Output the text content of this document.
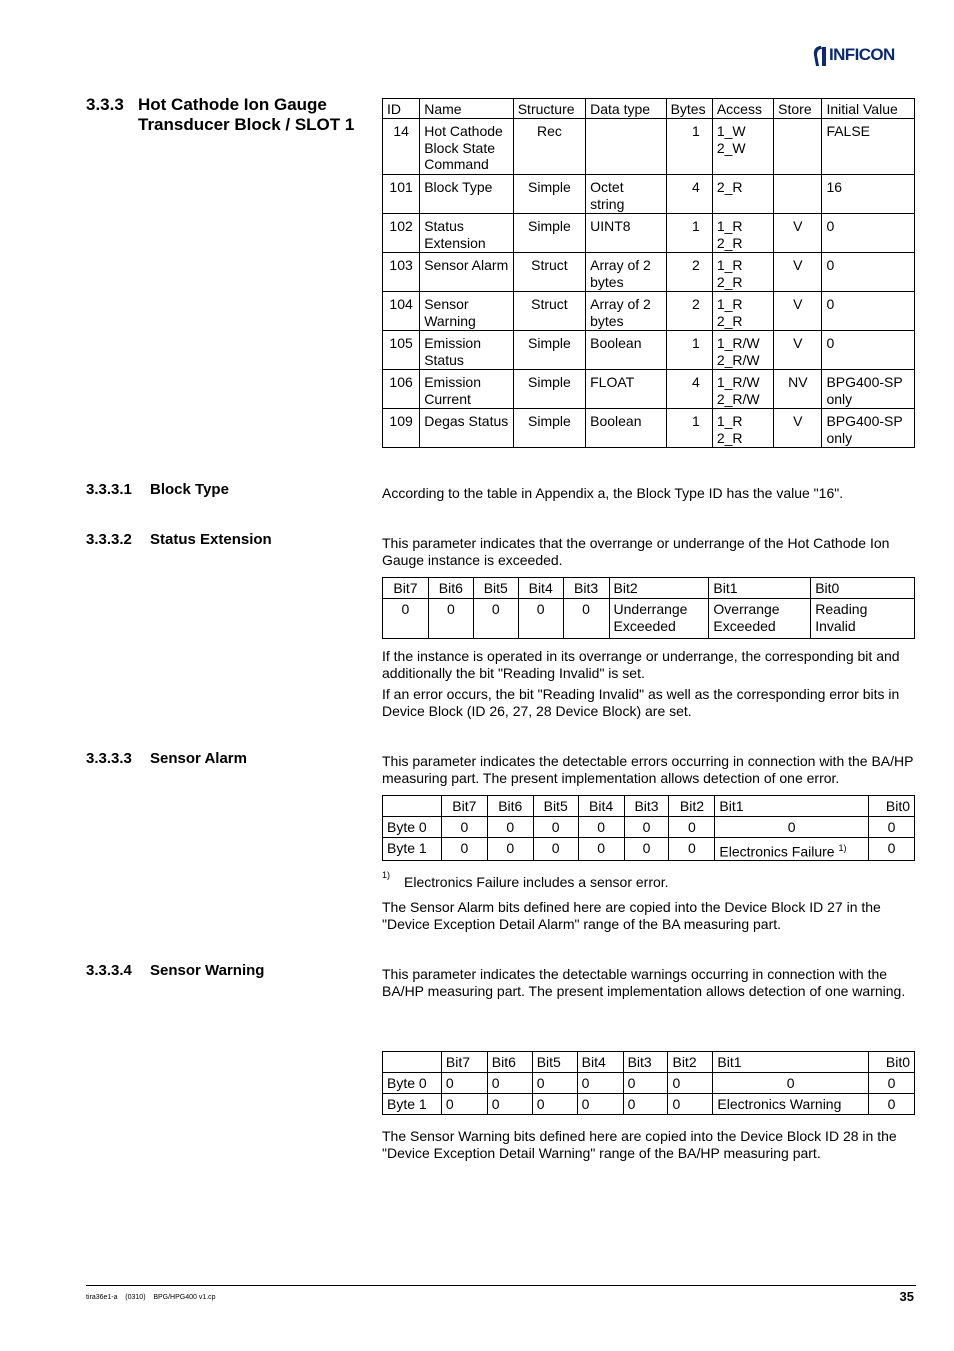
INFICON
3.3.3 Hot Cathode Ion Gauge Transducer Block / SLOT 1
ID	Name	Structure	Data type	Bytes	Access	Store	Initial Value
14	Hot Cathode Block State Command	Rec		1	1_W 2_W		FALSE
101	Block Type	Simple	Octet string	4	2_R		16
102	Status Extension	Simple	UINT8	1	1_R 2_R	V	0
103	Sensor Alarm	Struct	Array of 2 bytes	2	1_R 2_R	V	0
104	Sensor Warning	Struct	Array of 2 bytes	2	1_R 2_R	V	0
105	Emission Status	Simple	Boolean	1	1_R/W 2_R/W	V	0
106	Emission Current	Simple	FLOAT	4	1_R/W 2_R/W	NV	BPG400-SP only
109	Degas Status	Simple	Boolean	1	1_R 2_R	V	BPG400-SP only
3.3.3.1 Block Type	According to the table in Appendix a, the Block Type ID has the value "16".
3.3.3.2 Status Extension	This parameter indicates that the overrange or underrange of the Hot Cathode Ion Gauge instance is exceeded.
Bit7	Bit6	Bit5	Bit4	Bit3	Bit2	Bit1	Bit0
0	0	0	0	0	Underrange Exceeded	Overrange Exceeded	Reading Invalid
If the instance is operated in its overrange or underrange, the corresponding bit and additionally the bit "Reading Invalid" is set.
If an error occurs, the bit "Reading Invalid" as well as the corresponding error bits in Device Block (ID 26, 27, 28 Device Block) are set.
3.3.3.3 Sensor Alarm	This parameter indicates the detectable errors occurring in connection with the BA/HP measuring part. The present implementation allows detection of one error.
	Bit7	Bit6	Bit5	Bit4	Bit3	Bit2	Bit1	Bit0
Byte 0	0	0	0	0	0	0	0	0
Byte 1	0	0	0	0	0	0	Electronics Failure $^{1)}$	0
1) Electronics Failure includes a sensor error.
The Sensor Alarm bits defined here are copied into the Device Block ID 27 in the "Device Exception Detail Alarm" range of the BA measuring part.
3.3.3.4 Sensor Warning	This parameter indicates the detectable warnings occurring in connection with the BA/HP measuring part. The present implementation allows detection of one warning.
	Bit7	Bit6	Bit5	Bit4	Bit3	Bit2	Bit1	Bit0
Byte 0	0	0	0	0	0	0	0	0
Byte 1	0	0	0	0	0	0	Electronics Warning	0
The Sensor Warning bits defined here are copied into the Device Block ID 28 in the "Device Exception Detail Warning" range of the BA/HP measuring part.
tira36e1-a    (0310)    BPG/HPG400 v1.cp	35
